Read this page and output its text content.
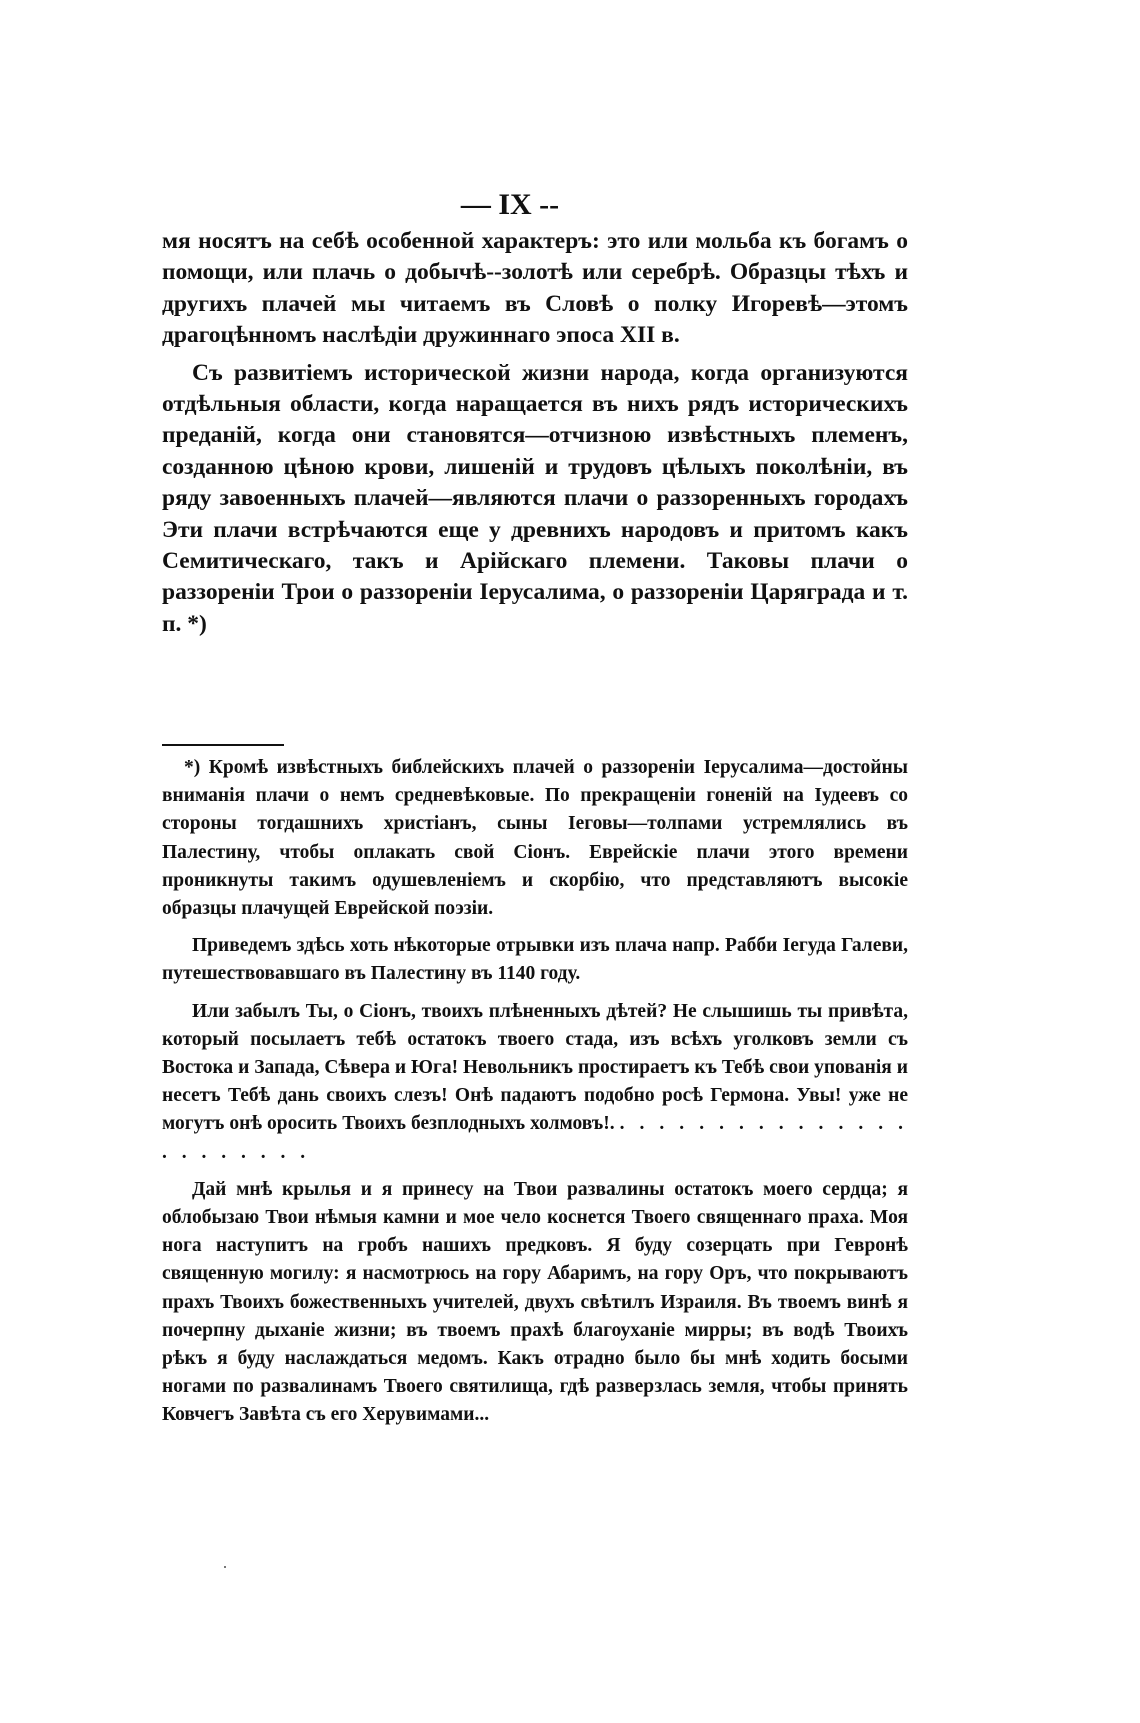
— IX --

мя носятъ на себѣ особенной характеръ: это или мольба къ богамъ о помощи, или плачь о добычѣ--золотѣ или серебрѣ. Образцы тѣхъ и другихъ плачей мы читаемъ въ Словѣ о полку Игоревѣ—этомъ драгоцѣнномъ наслѣдіи дружиннаго эпоса XII в.

Съ развитіемъ исторической жизни народа, когда организуются отдѣльныя области, когда наращается въ нихъ рядъ историческихъ преданій, когда они становятся—отчизною извѣстныхъ племенъ, созданною цѣною крови, лишеній и трудовъ цѣлыхъ поколѣніи, въ ряду завоенныхъ плачей—являются плачи о раззоренныхъ городахъ Эти плачи встрѣчаются еще у древнихъ народовъ и притомъ какъ Семитическаго, такъ и Арійскаго племени. Таковы плачи о раззореніи Трои о раззореніи Іерусалима, о раззореніи Царяграда и т. п. *)

*) Кромѣ извѣстныхъ библейскихъ плачей о раззореніи Іерусалима—достойны вниманія плачи о немъ средневѣковые. По прекращеніи гоненій на Іудеевъ со стороны тогдашнихъ христіанъ, сыны Іеговы—толпами устремлялись въ Палестину, чтобы оплакать свой Сіонъ. Еврейскіе плачи этого времени проникнуты такимъ одушевленіемъ и скорбію, что представляютъ высокіе образцы плачущей Еврейской поэзіи.

Приведемъ здѣсь хоть нѣкоторые отрывки изъ плача напр. Рабби Іегуда Галеви, путешествовавшаго въ Палестину въ 1140 году.

Или забылъ Ты, о Сіонъ, твоихъ плѣненныхъ дѣтей? Не слышишь ты привѣта, который посылаетъ тебѣ остатокъ твоего стада, изъ всѣхъ уголковъ земли съ Востока и Запада, Сѣвера и Юга! Невольникъ простираетъ къ Тебѣ свои упованія и несетъ Тебѣ дань своихъ слезъ! Онѣ падаютъ подобно росѣ Гермона. Увы! уже не могутъ онѣ оросить Твоихъ безплодныхъ холмовъ!. . . . . . . . . . . . . . . . . . . . . . . .

Дай мнѣ крылья и я принесу на Твои развалины остатокъ моего сердца; я облобызаю Твои нѣмыя камни и мое чело коснется Твоего священнаго праха. Моя нога наступитъ на гробъ нашихъ предковъ. Я буду созерцать при Гевронѣ священную могилу: я насмотрюсь на гору Абаримъ, на гору Оръ, что покрываютъ прахъ Твоихъ божественныхъ учителей, двухъ свѣтилъ Израиля. Въ твоемъ винѣ я почерпну дыханіе жизни; въ твоемъ прахѣ благоуханіе мирры; въ водѣ Твоихъ рѣкъ я буду наслаждаться медомъ. Какъ отрадно было бы мнѣ ходить босыми ногами по развалинамъ Твоего святилища, гдѣ разверзлась земля, чтобы принять Ковчегъ Завѣта съ его Херувимами...
